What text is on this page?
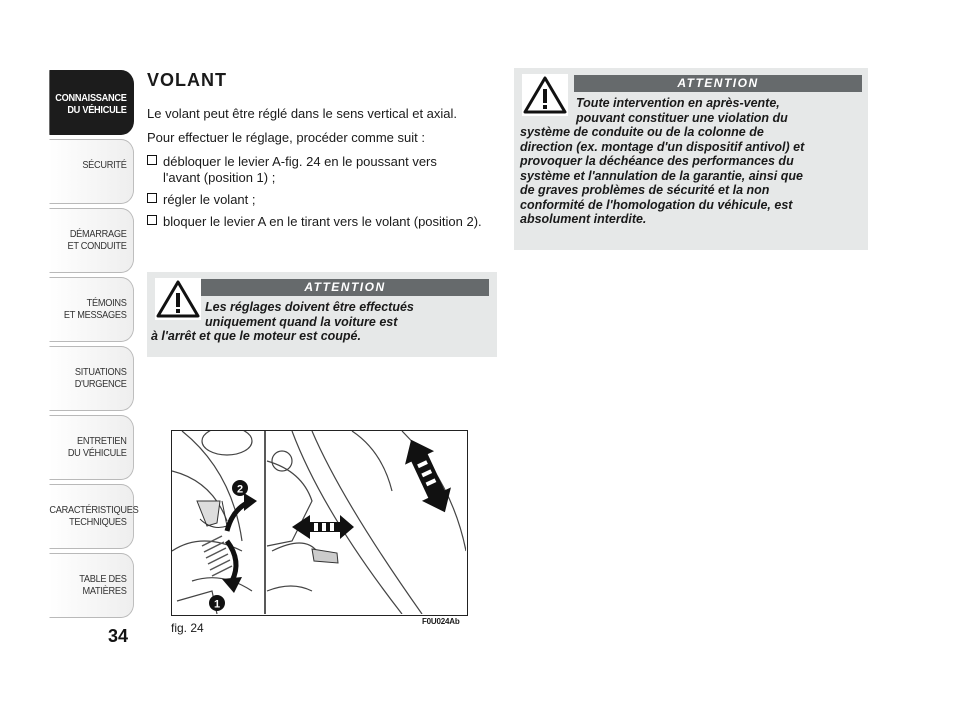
CONNAISSANCE
DU VÉHICULE
SÉCURITÉ
DÉMARRAGE
ET CONDUITE
TÉMOINS
ET MESSAGES
SITUATIONS
D'URGENCE
ENTRETIEN
DU VÉHICULE
CARACTÉRISTIQUES
TECHNIQUES
TABLE DES
MATIÈRES
34
VOLANT

Le volant peut être réglé dans le sens vertical et axial.

Pour effectuer le réglage, procéder comme suit :

débloquer le levier A-fig. 24 en le poussant vers
l'avant (position 1) ;
régler le volant ;
bloquer le levier A en le tirant vers le volant (position 2).
ATTENTION
Les réglages doivent être effectués
uniquement quand la voiture est
à l'arrêt et que le moteur est coupé.
2
1
fig. 24	F0U024Ab
ATTENTION
Toute intervention en après-vente,
pouvant constituer une violation du
système de conduite ou de la colonne de
direction (ex. montage d'un dispositif antivol) et
provoquer la déchéance des performances du
système et l'annulation de la garantie, ainsi que
de graves problèmes de sécurité et la non
conformité de l'homologation du véhicule, est
absolument interdite.
